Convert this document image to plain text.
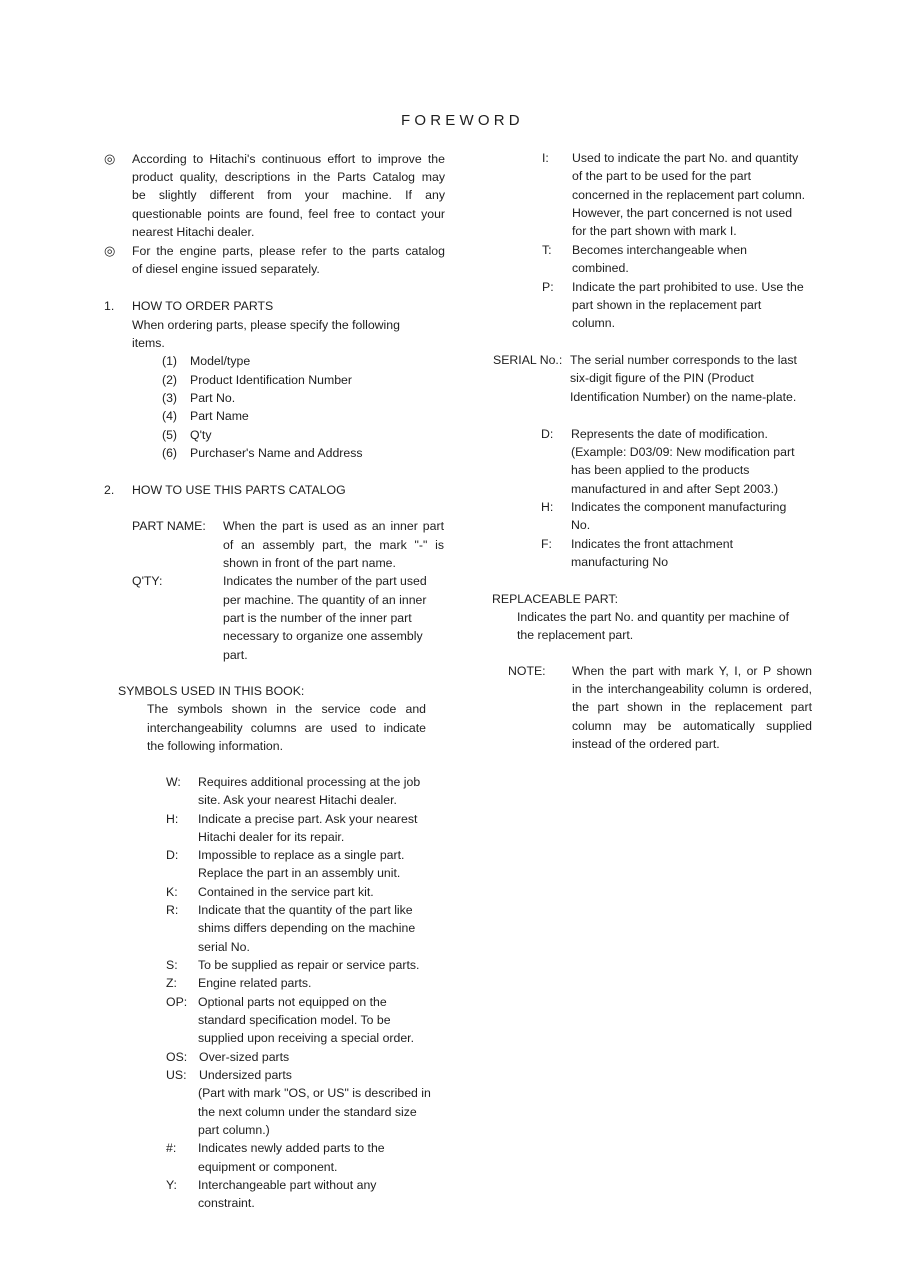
FOREWORD
◎ According to Hitachi's continuous effort to improve the
product quality, descriptions in the Parts Catalog may
be slightly different from your machine. If any
questionable points are found, feel free to contact your
nearest Hitachi dealer.
◎ For the engine parts, please refer to the parts catalog
of diesel engine issued separately.
1. HOW TO ORDER PARTS
When ordering parts, please specify the following
items.
(1) Model/type
(2) Product Identification Number
(3) Part No.
(4) Part Name
(5) Q'ty
(6) Purchaser's Name and Address
2. HOW TO USE THIS PARTS CATALOG
PART NAME: When the part is used as an inner part
of an assembly part, the mark "-" is
shown in front of the part name.
Q'TY:	Indicates the number of the part used
per machine. The quantity of an inner
part is the number of the inner part
necessary to organize one assembly
part.
SYMBOLS USED IN THIS BOOK:
The symbols shown in the service code and
interchangeability columns are used to indicate
the following information.
W: Requires additional processing at the job
site. Ask your nearest Hitachi dealer.
H: Indicate a precise part. Ask your nearest
Hitachi dealer for its repair.
D: Impossible to replace as a single part.
Replace the part in an assembly unit.
K: Contained in the service part kit.
R: Indicate that the quantity of the part like
shims differs depending on the machine
serial No.
S: To be supplied as repair or service parts.
Z: Engine related parts.
OP: Optional parts not equipped on the
standard specification model. To be
supplied upon receiving a special order.
OS: Over-sized parts
US: Undersized parts
(Part with mark "OS, or US" is described in
the next column under the standard size
part column.)
#: Indicates newly added parts to the
equipment or component.
Y: Interchangeable part without any
constraint.
I: Used to indicate the part No. and quantity
of the part to be used for the part
concerned in the replacement part column.
However, the part concerned is not used
for the part shown with mark I.
T: Becomes interchangeable when
combined.
P: Indicate the part prohibited to use. Use the
part shown in the replacement part
column.
SERIAL No.: The serial number corresponds to the last
six-digit figure of the PIN (Product
Identification Number) on the name-plate.
D: Represents the date of modification.
(Example: D03/09: New modification part
has been applied to the products
manufactured in and after Sept 2003.)
H: Indicates the component manufacturing
No.
F: Indicates the front attachment
manufacturing No
REPLACEABLE PART:
Indicates the part No. and quantity per machine of
the replacement part.
NOTE: When the part with mark Y, I, or P shown
in the interchangeability column is ordered,
the part shown in the replacement part
column may be automatically supplied
instead of the ordered part.
